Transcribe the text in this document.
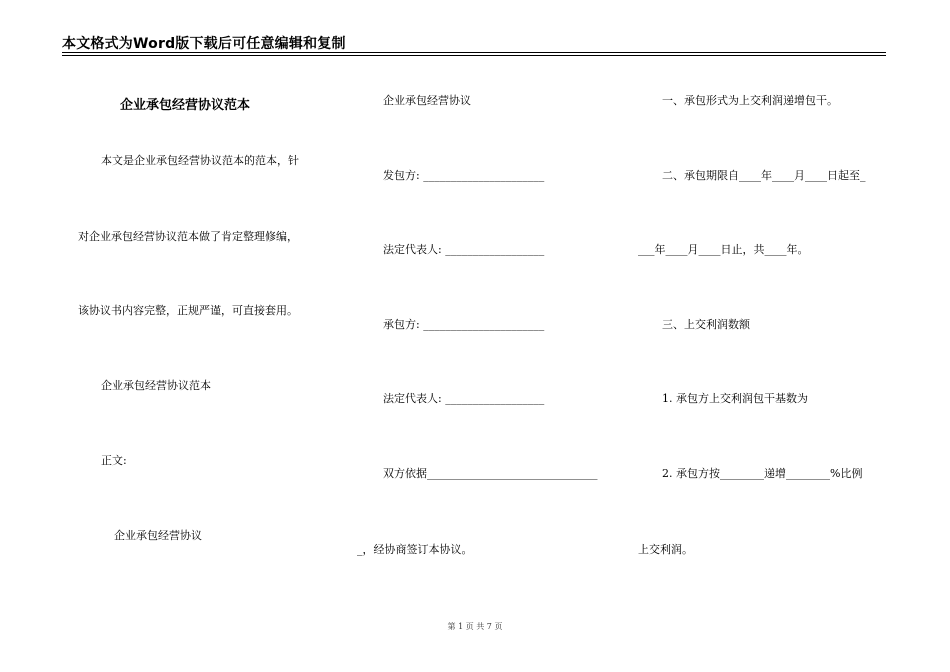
本文格式为Word版下载后可任意编辑和复制
企业承包经营协议范本
本文是企业承包经营协议范本的范本，针
对企业承包经营协议范本做了肯定整理修编，
该协议书内容完整，正规严谨，可直接套用。
企业承包经营协议范本
正文:
企业承包经营协议
企业承包经营协议
发包方: ______________________
法定代表人: __________________
承包方: ______________________
法定代表人: __________________
双方依据_______________________________
_，经协商签订本协议。
一、承包形式为上交利润递增包干。
二、承包期限自____年____月____日起至_
___年____月____日止，共____年。
三、上交利润数额
1. 承包方上交利润包干基数为
2. 承包方按________递增________%比例
上交利润。
第 1 页 共 7 页
